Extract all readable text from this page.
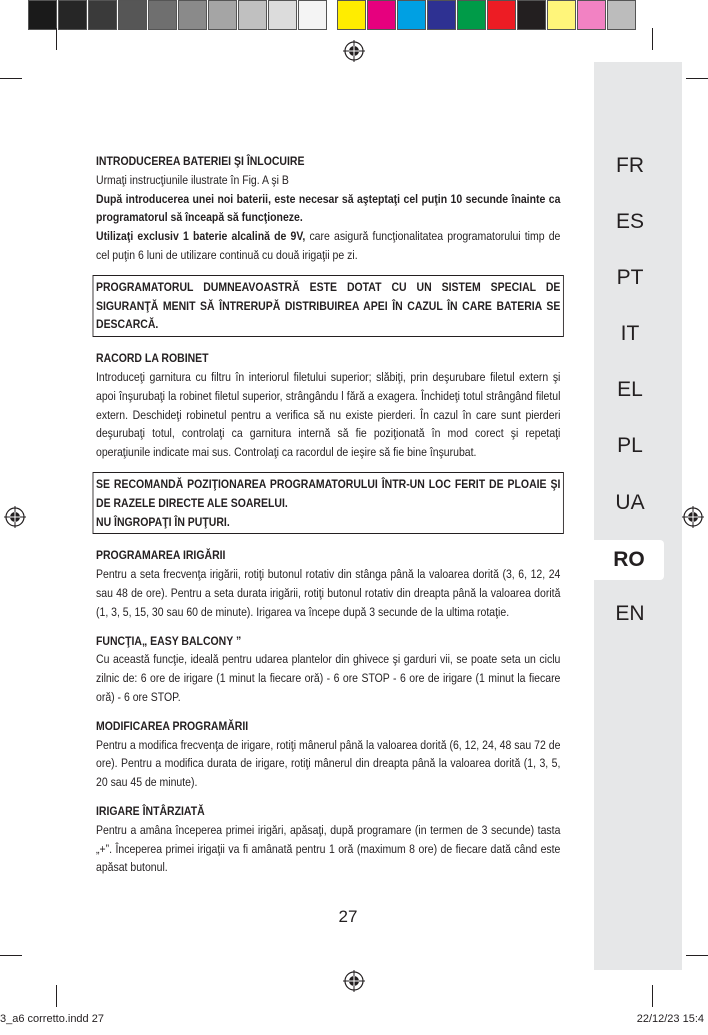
FR
ES
PT
IT
EL
PL
UA
RO
EN
INTRODUCEREA BATERIEI ŞI ÎNLOCUIRE
Urmaţi instrucţiunile ilustrate în Fig. A şi B
După introducerea unei noi baterii, este necesar să aşteptaţi cel puţin 10 secunde înainte ca programatorul să înceapă să funcţioneze.
Utilizaţi exclusiv 1 baterie alcalină de 9V, care asigură funcţionalitatea programatorului timp de cel puţin 6 luni de utilizare continuă cu două irigaţii pe zi.
PROGRAMATORUL DUMNEAVOASTRĂ ESTE DOTAT CU UN SISTEM SPECIAL DE SIGURANŢĂ MENIT SĂ ÎNTRERUPĂ DISTRIBUIREA APEI ÎN CAZUL ÎN CARE BATERIA SE DESCARCĂ.
RACORD LA ROBINET
Introduceţi garnitura cu filtru în interiorul filetului superior; slăbiţi, prin deşurubare filetul extern şi apoi înşurubaţi la robinet filetul superior, strângându l fără a exagera. Închideţi totul strângând filetul extern. Deschideţi robinetul pentru a verifica să nu existe pierderi. În cazul în care sunt pierderi deşurubaţi totul, controlaţi ca garnitura internă să fie poziţionată în mod corect şi repetaţi operaţiunile indicate mai sus. Controlaţi ca racordul de ieşire să fie bine înşurubat.
SE RECOMANDĂ POZIŢIONAREA PROGRAMATORULUI ÎNTR-UN LOC FERIT DE PLOAIE ŞI DE RAZELE DIRECTE ALE SOARELUI.
NU ÎNGROPAŢI ÎN PUŢURI.
PROGRAMAREA IRIGĂRII
Pentru a seta frecvenţa irigării, rotiţi butonul rotativ din stânga până la valoarea dorită (3, 6, 12, 24 sau 48 de ore). Pentru a seta durata irigării, rotiţi butonul rotativ din dreapta până la valoarea dorită (1, 3, 5, 15, 30 sau 60 de minute). Irigarea va începe după 3 secunde de la ultima rotaţie.
FUNCŢIA„ EASY BALCONY ”
Cu această funcţie, ideală pentru udarea plantelor din ghivece şi garduri vii, se poate seta un ciclu zilnic de: 6 ore de irigare (1 minut la fiecare oră) - 6 ore STOP - 6 ore de irigare (1 minut la fiecare oră) - 6 ore STOP.
MODIFICAREA PROGRAMĂRII
Pentru a modifica frecvenţa de irigare, rotiţi mânerul până la valoarea dorită (6, 12, 24, 48 sau 72 de ore). Pentru a modifica durata de irigare, rotiţi mânerul din dreapta până la valoarea dorită (1, 3, 5, 20 sau 45 de minute).
IRIGARE ÎNTÂRZIATĂ
Pentru a amâna începerea primei irigări, apăsaţi, după programare (in termen de 3 secunde) tasta „+”. Începerea primei irigaţii va fi amânată pentru 1 oră (maximum 8 ore) de fiecare dată când este apăsat butonul.
27
3_a6 corretto.indd 27	22/12/23 15:4
